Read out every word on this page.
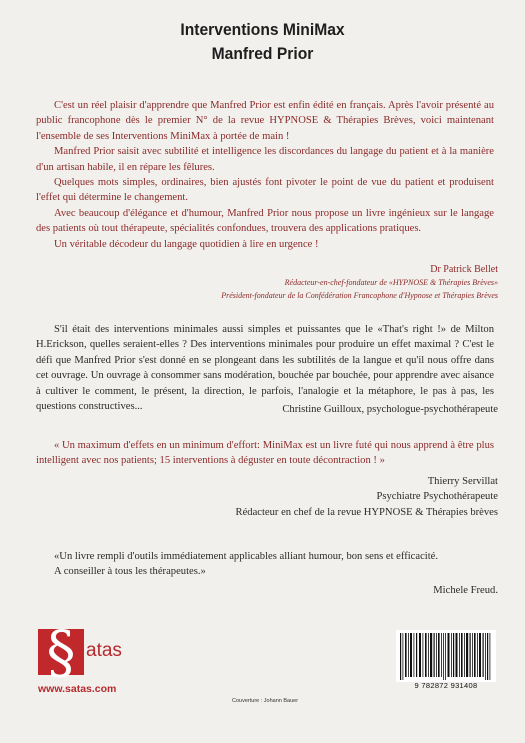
Interventions MiniMax
Manfred Prior

C'est un réel plaisir d'apprendre que Manfred Prior est enfin édité en français. Après l'avoir présenté au public francophone dès le premier N° de la revue HYPNOSE & Thérapies Brèves, voici maintenant l'ensemble de ses Interventions MiniMax à portée de main !

Manfred Prior saisit avec subtilité et intelligence les discordances du langage du patient et à la manière d'un artisan habile, il en répare les fêlures.

Quelques mots simples, ordinaires, bien ajustés font pivoter le point de vue du patient et produisent l'effet qui détermine le changement.

Avec beaucoup d'élégance et d'humour, Manfred Prior nous propose un livre ingénieux sur le langage des patients où tout thérapeute, spécialités confondues, trouvera des applications pratiques.

Un véritable décodeur du langage quotidien à lire en urgence !

Dr Patrick Bellet
Rédacteur-en-chef-fondateur de «HYPNOSE & Thérapies Brèves»
Président-fondateur de la Confédération Francophone d'Hypnose et Thérapies Brèves

S'il était des interventions minimales aussi simples et puissantes que le «That's right !» de Milton H.Erickson, quelles seraient-elles ? Des interventions minimales pour produire un effet maximal ? C'est le défi que Manfred Prior s'est donné en se plongeant dans les subtilités de la langue et qu'il nous offre dans cet ouvrage. Un ouvrage à consommer sans modération, bouchée par bouchée, pour apprendre avec aisance à cultiver le comment, le présent, la direction, le parfois, l'analogie et la métaphore, le pas à pas, les questions constructives...	Christine Guilloux, psychologue-psychothérapeute

« Un maximum d'effets en un minimum d'effort: MiniMax est un livre futé qui nous apprend à être plus intelligent avec nos patients; 15 interventions à déguster en toute décontraction ! »

Thierry Servillat
Psychiatre Psychothérapeute
Rédacteur en chef de la revue HYPNOSE & Thérapies brèves
«Un livre rempli d'outils immédiatement applicables alliant humour, bon sens et efficacité.
A conseiller à tous les thérapeutes.»
Michele Freud.
§ atas
www.satas.com
Couverture : Johann Bauer
9 782872 931408
